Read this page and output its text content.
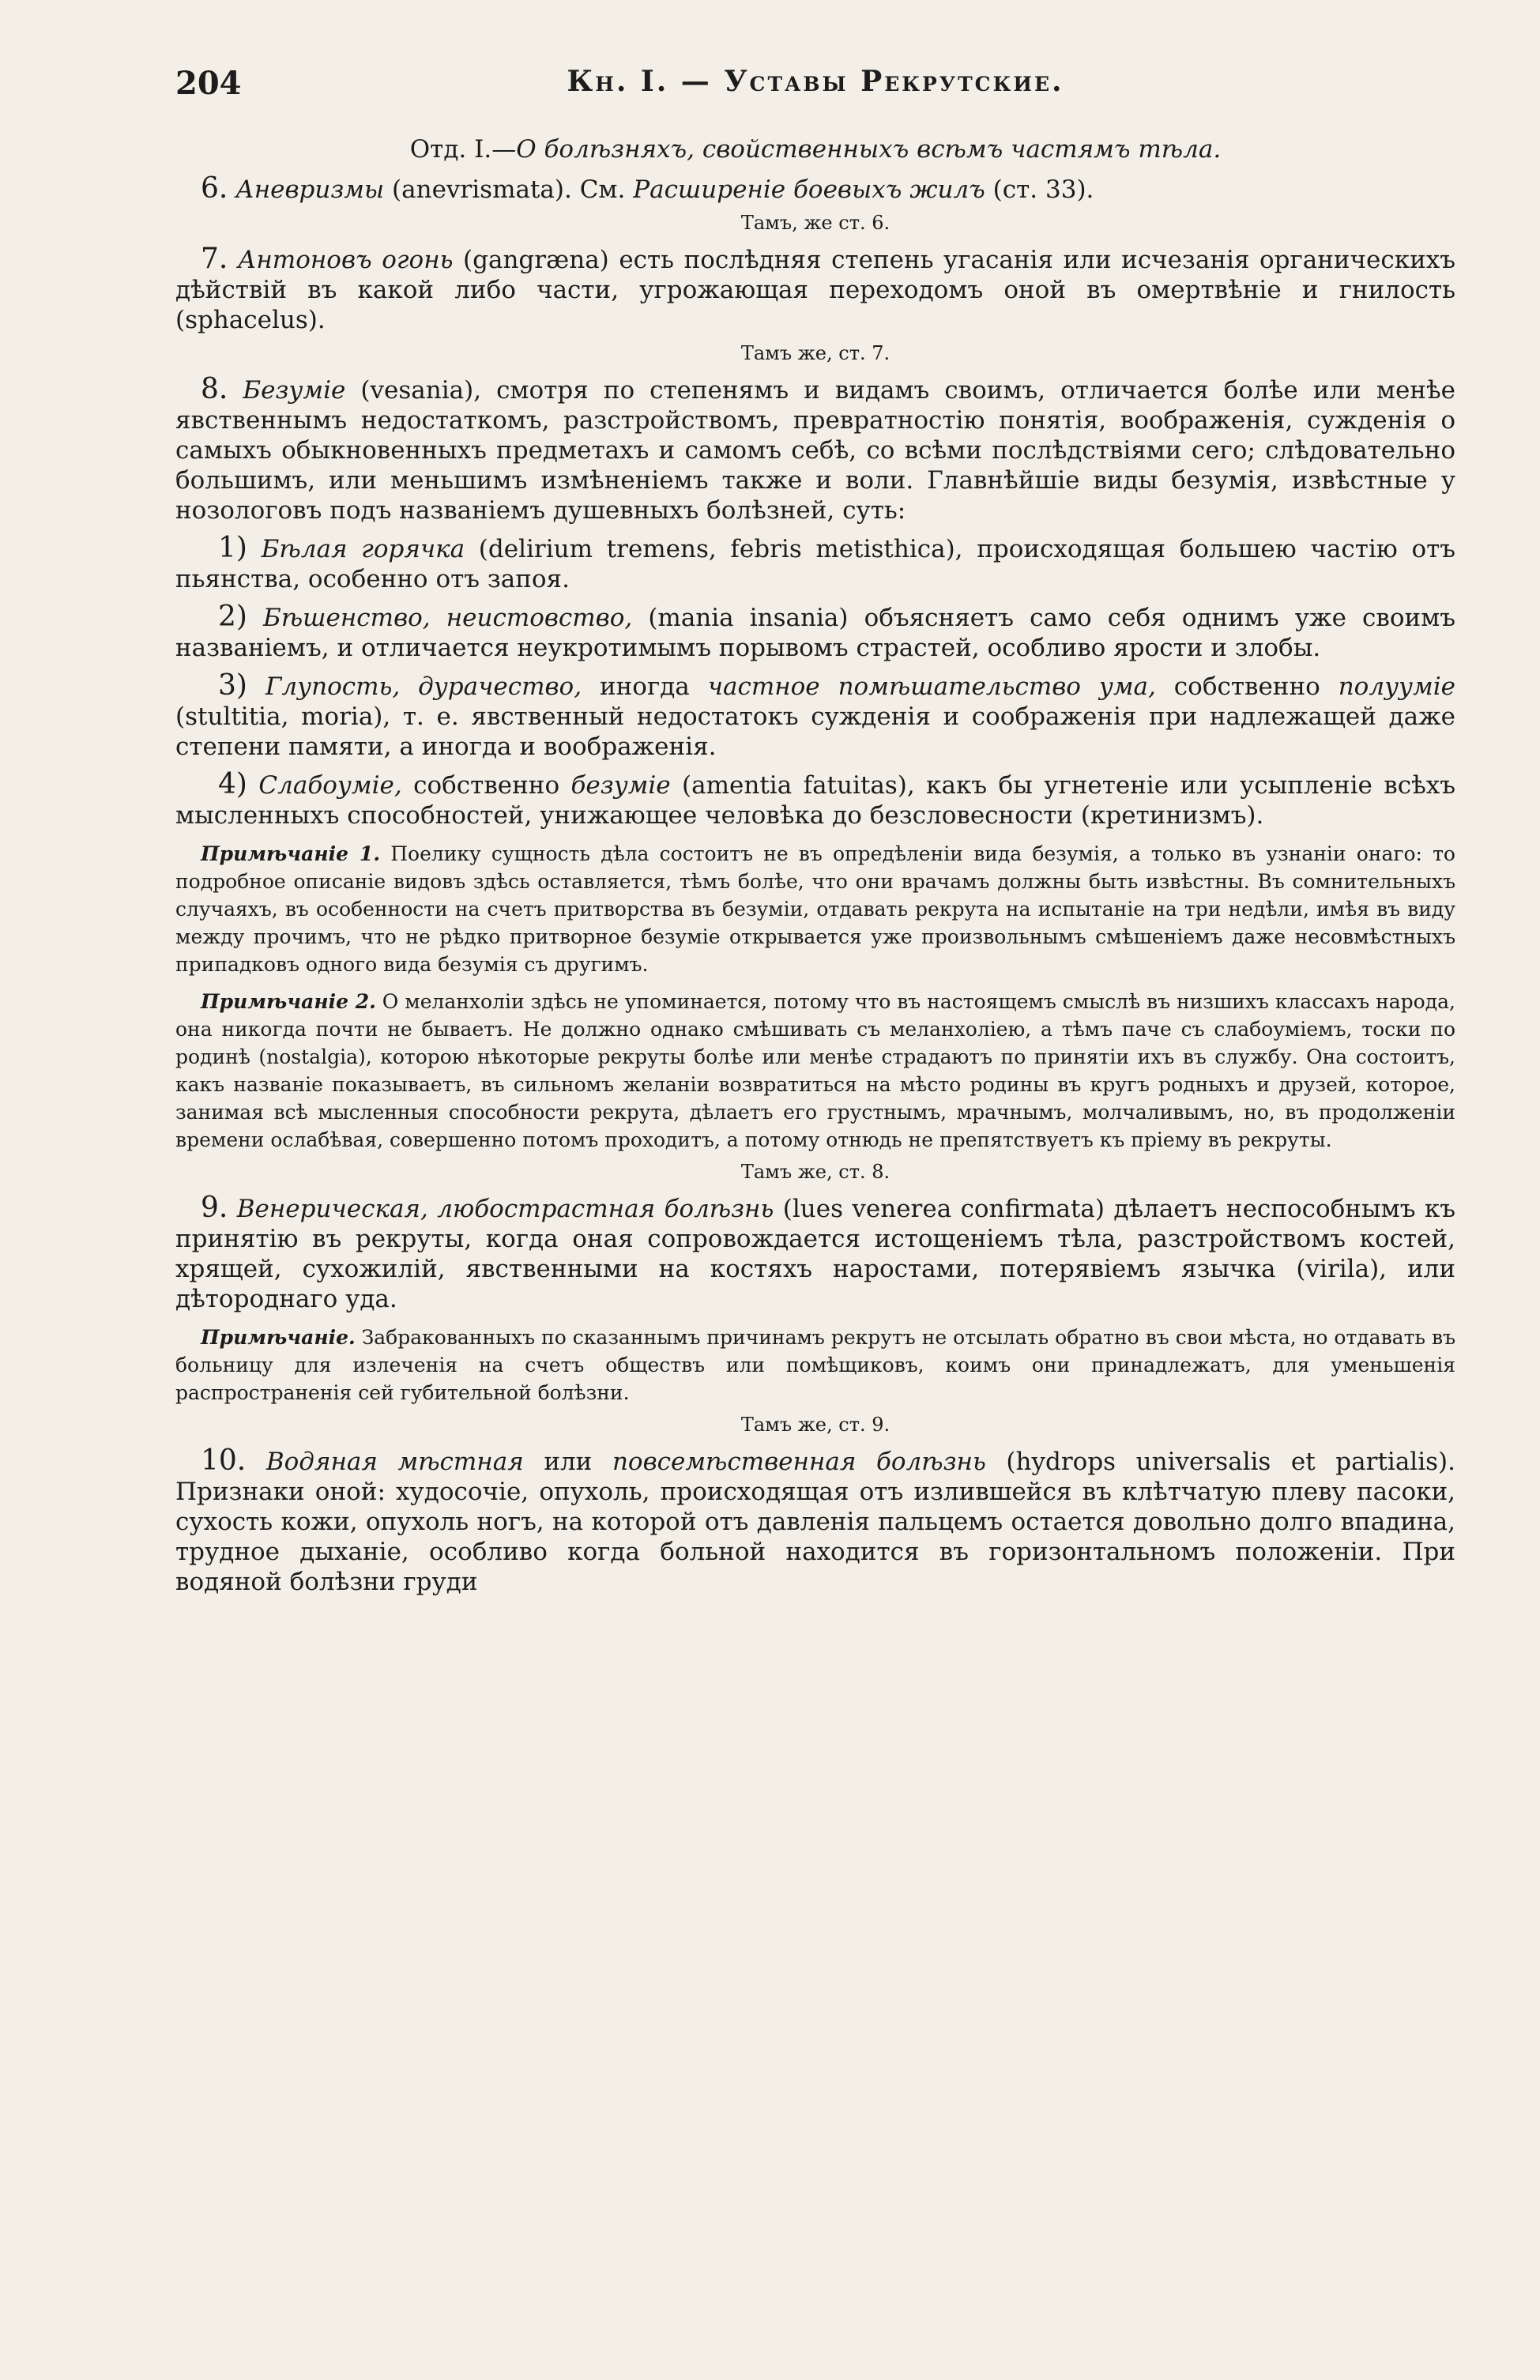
204	Кн. I. — Уставы Рекрутские.

Отд. I.—О болѣзняхъ, свойственныхъ всѣмъ частямъ тѣла.

6. Аневризмы (anevrismata). См. Расширеніе боевыхъ жилъ (ст. 33).

Тамъ, же ст. 6.

7. Антоновъ огонь (gangræna) есть послѣдняя степень угасанія или исчезанія органическихъ дѣйствій въ какой либо части, угрожающая переходомъ оной въ омертвѣніе и гнилость (sphacelus).

Тамъ же, ст. 7.

8. Безумiе (vesania), смотря по степенямъ и видамъ своимъ, отличается болѣе или менѣе явственнымъ недостаткомъ, разстройствомъ, превратностію понятія, воображенія, сужденія о самыхъ обыкновенныхъ предметахъ и самомъ себѣ, со всѣми послѣдствіями сего; слѣдовательно большимъ, или меньшимъ измѣненіемъ также и воли. Главнѣйшіе виды безумія, извѣстные у нозологовъ подъ названіемъ душевныхъ болѣзней, суть:

1) Бѣлая горячка (delirium tremens, febris metisthica), происходящая большею частію отъ пьянства, особенно отъ запоя.

2) Бѣшенство, неистовство, (mania insania) объясняетъ само себя однимъ уже своимъ названіемъ, и отличается неукротимымъ порывомъ страстей, особливо ярости и злобы.

3) Глупость, дурачество, иногда частное помѣшательство ума, собственно полуумiе (stultitia, moria), т. е. явственный недостатокъ сужденія и соображенія при надлежащей даже степени памяти, а иногда и воображенія.

4) Слабоумiе, собственно безумiе (amentia fatuitas), какъ бы угнетеніе или усыпленіе всѣхъ мысленныхъ способностей, унижающее человѣка до безсловесности (кретинизмъ).

Примѣчанiе 1. Поелику сущность дѣла состоитъ не въ опредѣленіи вида безумія, а только въ узнаніи онаго: то подробное описаніе видовъ здѣсь оставляется, тѣмъ болѣе, что они врачамъ должны быть извѣстны. Въ сомнительныхъ случаяхъ, въ особенности на счетъ притворства въ безуміи, отдавать рекрута на испытаніе на три недѣли, имѣя въ виду между прочимъ, что не рѣдко притворное безуміе открывается уже произвольнымъ смѣшеніемъ даже несовмѣстныхъ припадковъ одного вида безумія съ другимъ.

Примѣчанiе 2. О меланхоліи здѣсь не упоминается, потому что въ настоящемъ смыслѣ въ низшихъ классахъ народа, она никогда почти не бываетъ. Не должно однако смѣшивать съ меланхоліею, а тѣмъ паче съ слабоуміемъ, тоски по родинѣ (nostalgia), которою нѣкоторые рекруты болѣе или менѣе страдаютъ по принятіи ихъ въ службу. Она состоитъ, какъ названіе показываетъ, въ сильномъ желаніи возвратиться на мѣсто родины въ кругъ родныхъ и друзей, которое, занимая всѣ мысленныя способности рекрута, дѣлаетъ его грустнымъ, мрачнымъ, молчаливымъ, но, въ продолженіи времени ослабѣвая, совершенно потомъ проходитъ, а потому отнюдь не препятствуетъ къ пріему въ рекруты.

Тамъ же, ст. 8.

9. Венерическая, любострастная болѣзнь (lues venerea confirmata) дѣлаетъ неспособнымъ къ принятію въ рекруты, когда оная сопровождается истощеніемъ тѣла, разстройствомъ костей, хрящей, сухожилій, явственными на костяхъ наростами, потерявіемъ язычка (virila), или дѣтороднаго уда.

Примѣчанiе. Забракованныхъ по сказаннымъ причинамъ рекрутъ не отсылать обратно въ свои мѣста, но отдавать въ больницу для излеченія на счетъ обществъ или помѣщиковъ, коимъ они принадлежатъ, для уменьшенія распространенія сей губительной болѣзни.

Тамъ же, ст. 9.

10. Водяная мѣстная или повсемѣственная болѣзнь (hydrops universalis et partialis). Признаки оной: худосочіе, опухоль, происходящая отъ излившейся въ клѣтчатую плеву пасоки, сухость кожи, опухоль ногъ, на которой отъ давленія пальцемъ остается довольно долго впадина, трудное дыханіе, особливо когда больной находится въ горизонтальномъ положеніи. При водяной болѣзни груди
